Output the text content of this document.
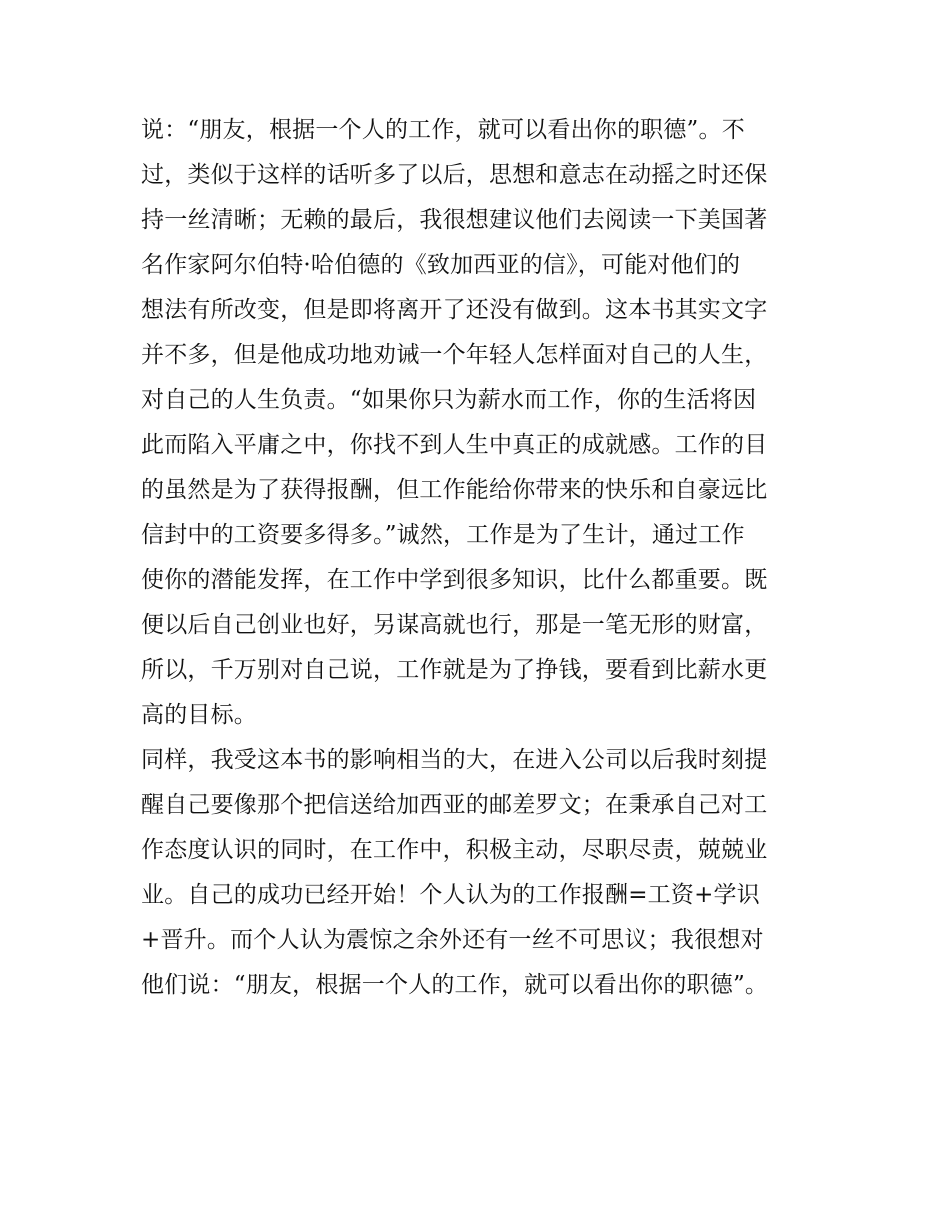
说：“朋友，根据一个人的工作，就可以看出你的职德”。不
过，类似于这样的话听多了以后，思想和意志在动摇之时还保
持一丝清晰；无赖的最后，我很想建议他们去阅读一下美国著
名作家阿尔伯特·哈伯德的《致加西亚的信》，可能对他们的
想法有所改变，但是即将离开了还没有做到。这本书其实文字
并不多，但是他成功地劝诫一个年轻人怎样面对自己的人生，
对自己的人生负责。“如果你只为薪水而工作，你的生活将因
此而陷入平庸之中，你找不到人生中真正的成就感。工作的目
的虽然是为了获得报酬，但工作能给你带来的快乐和自豪远比
信封中的工资要多得多。”诚然，工作是为了生计，通过工作
使你的潜能发挥，在工作中学到很多知识，比什么都重要。既
便以后自己创业也好，另谋高就也行，那是一笔无形的财富，
所以，千万别对自己说，工作就是为了挣钱，要看到比薪水更
高的目标。
同样，我受这本书的影响相当的大，在进入公司以后我时刻提
醒自己要像那个把信送给加西亚的邮差罗文；在秉承自己对工
作态度认识的同时，在工作中，积极主动，尽职尽责，兢兢业
业。自己的成功已经开始！个人认为的工作报酬=工资+学识
+晋升。而个人认为震惊之余外还有一丝不可思议；我很想对
他们说：“朋友，根据一个人的工作，就可以看出你的职德”。
